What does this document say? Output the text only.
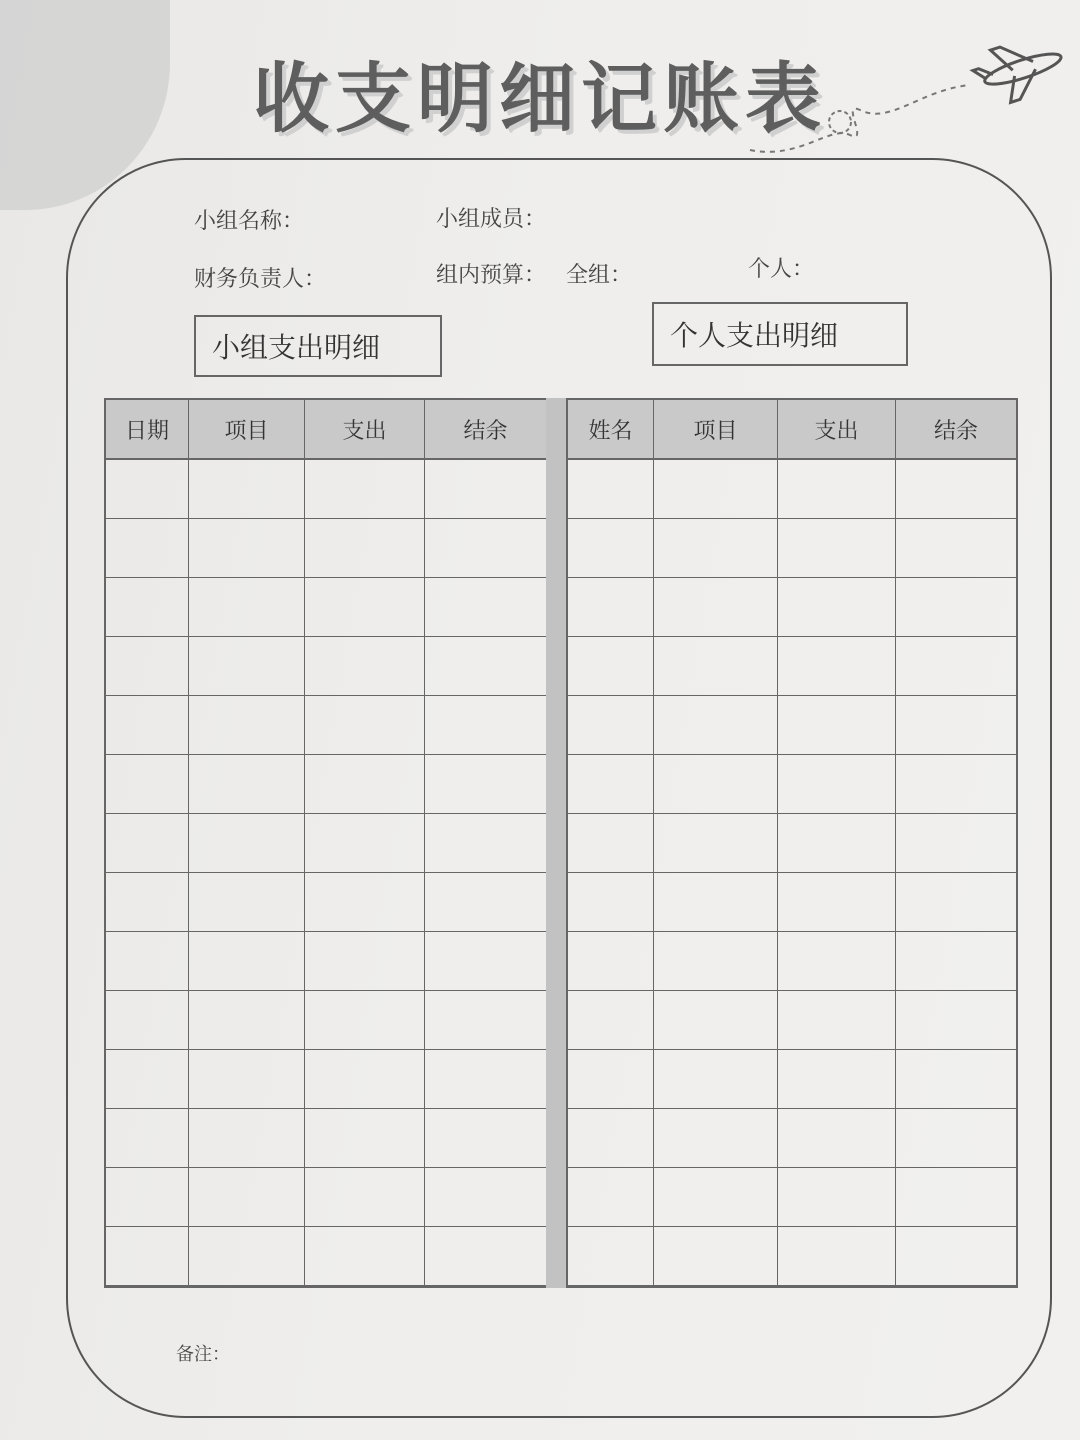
收支明细记账表
小组名称：	小组成员：
财务负责人：	组内预算： 全组：	个人：
小组支出明细	个人支出明细
日期	项目	支出	结余	姓名	项目	支出	结余
备注：
